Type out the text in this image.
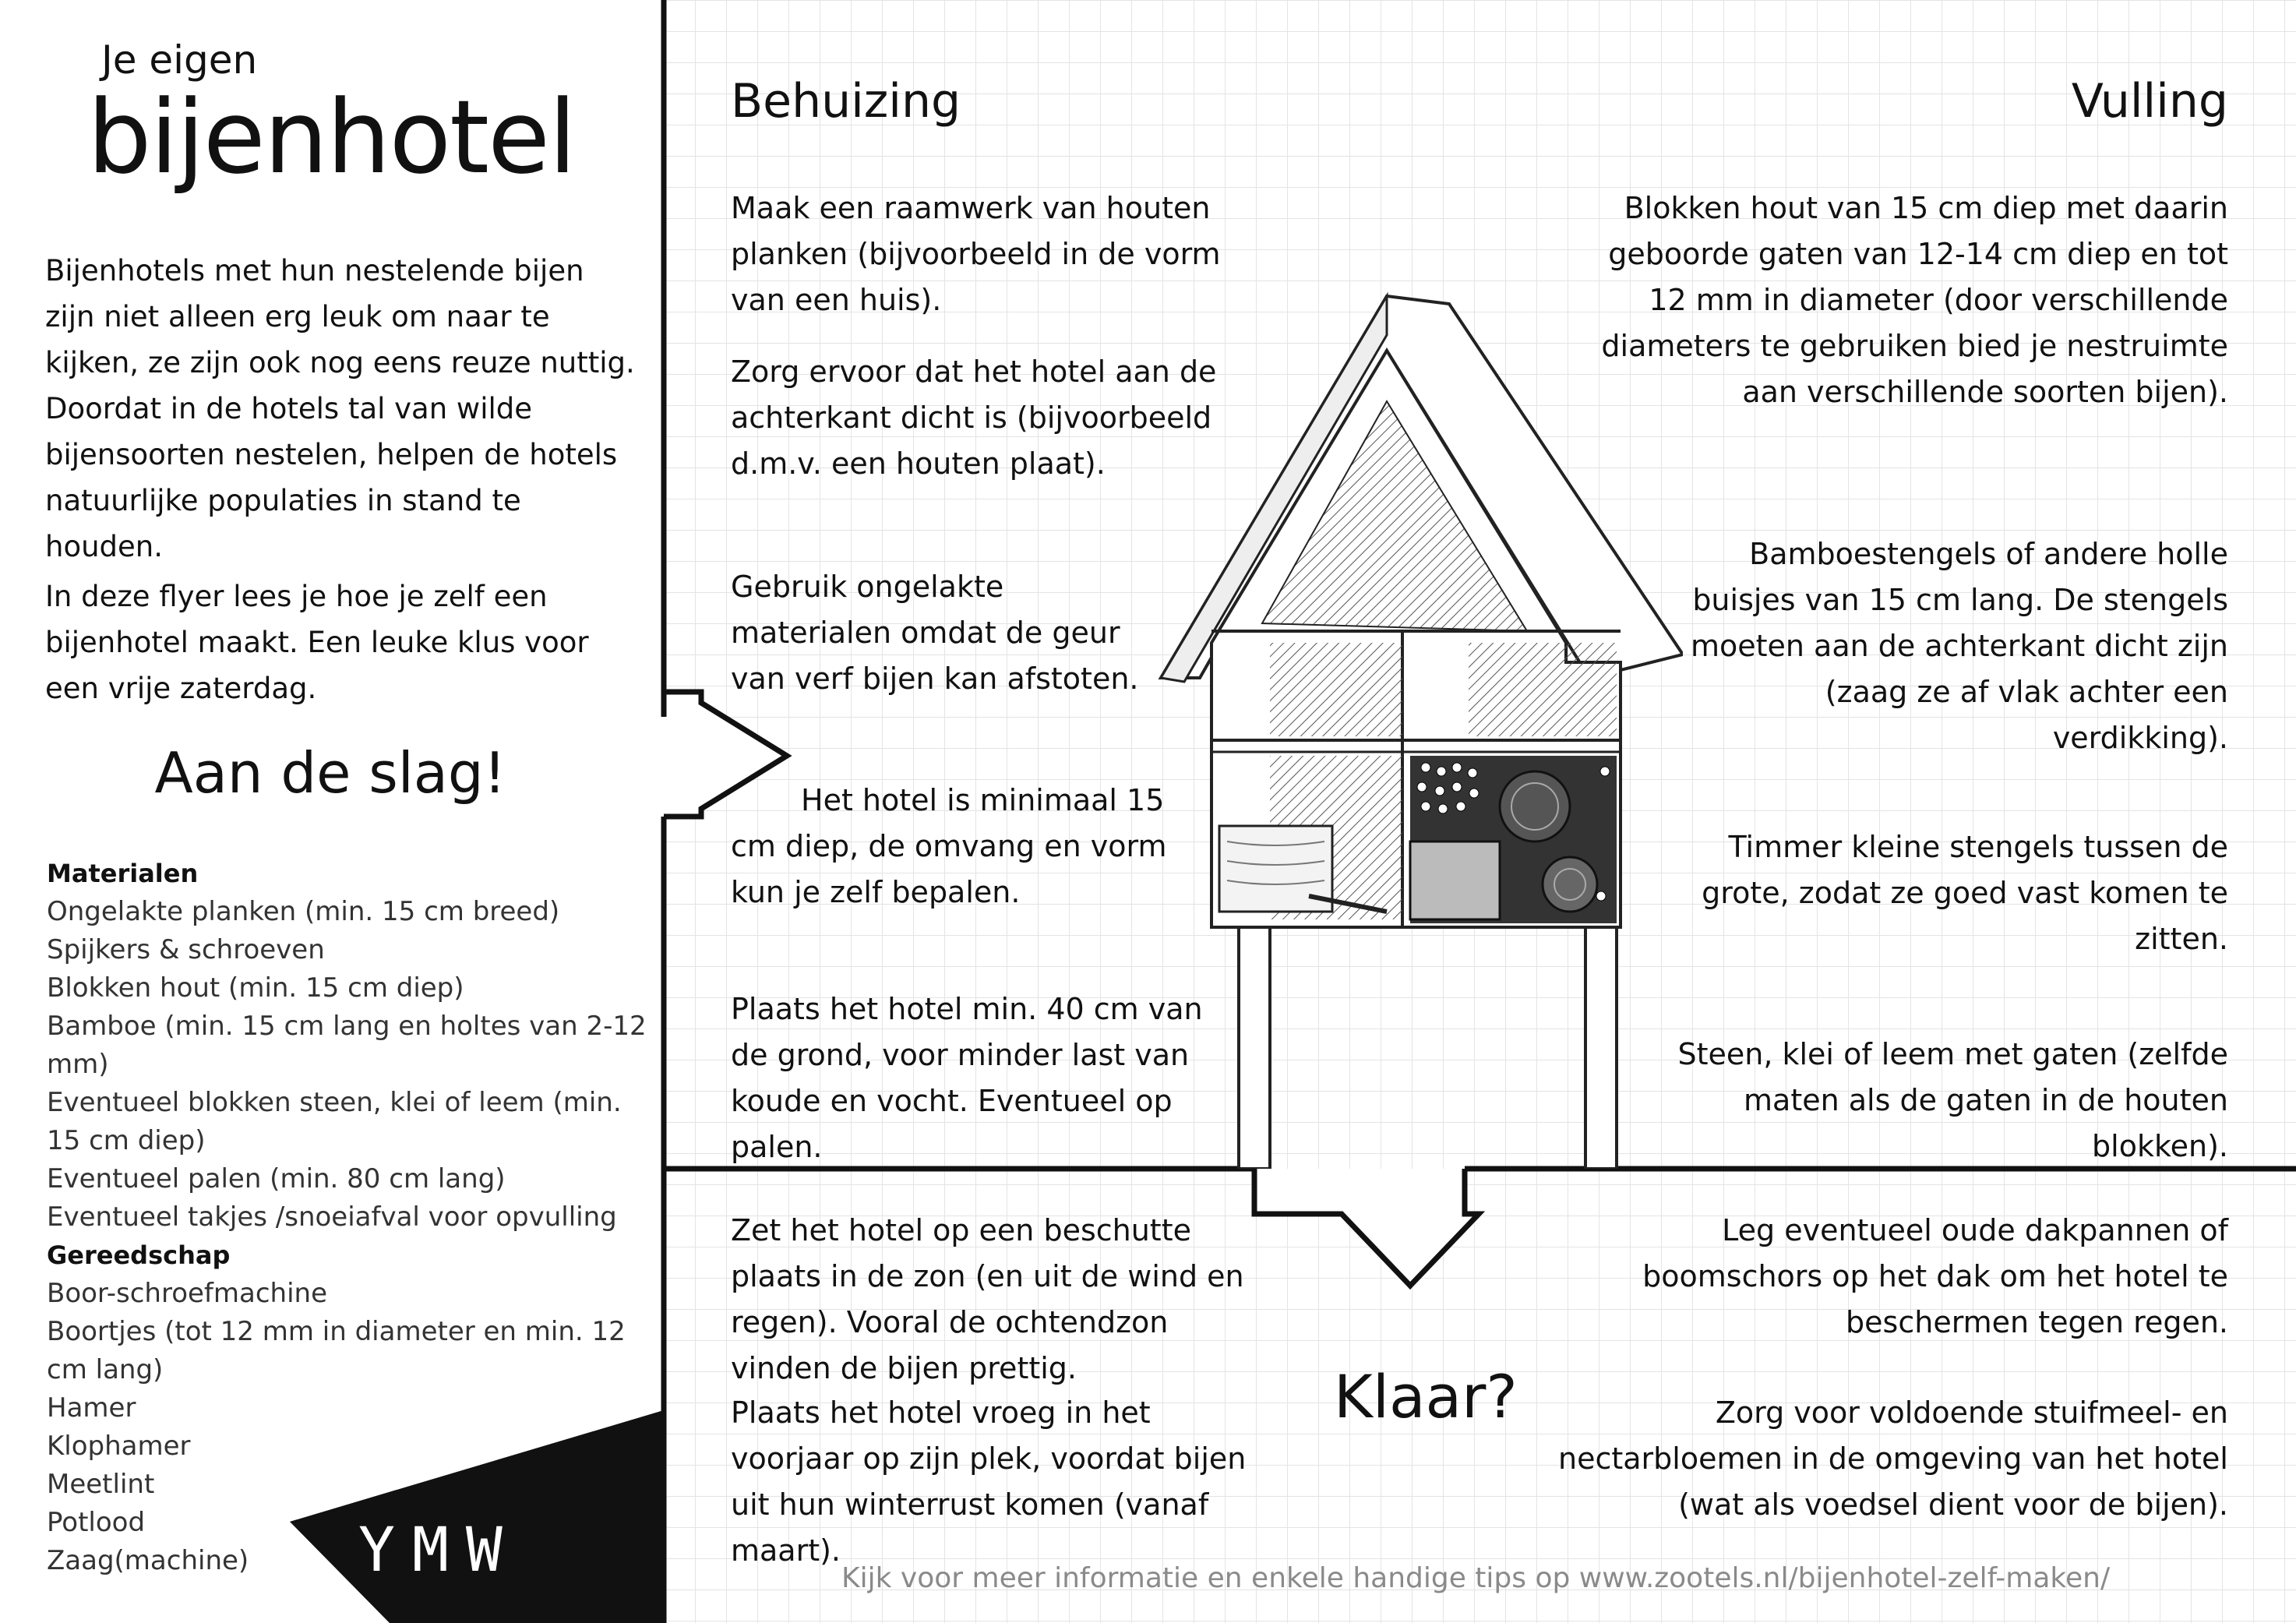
Je eigen
bijenhotel
Bijenhotels met hun nestelende bijen zijn niet alleen erg leuk om naar te kijken, ze zijn ook nog eens reuze nuttig. Doordat in de hotels tal van wilde bijensoorten nestelen, helpen de hotels natuurlijke populaties in stand te houden.
In deze flyer lees je hoe je zelf een bijenhotel maakt. Een leuke klus voor een vrije zaterdag.
Aan de slag!
Materialen
Ongelakte planken (min. 15 cm breed)
Spijkers & schroeven
Blokken hout (min. 15 cm diep)
Bamboe (min. 15 cm lang en holtes van 2-12 mm)
Eventueel blokken steen, klei of leem (min. 15 cm diep)
Eventueel palen (min. 80 cm lang)
Eventueel takjes /snoeiafval voor opvulling
Gereedschap
Boor-schroefmachine
Boortjes (tot 12 mm in diameter en min. 12 cm lang)
Hamer
Klophamer
Meetlint
Potlood
Zaag(machine)	YMW
Behuizing
Maak een raamwerk van houten planken (bijvoorbeeld in de vorm van een huis).
Zorg ervoor dat het hotel aan de achterkant dicht is (bijvoorbeeld d.m.v. een houten plaat).
Gebruik ongelakte materialen omdat de geur van verf bijen kan afstoten.
Het hotel is minimaal 15 cm diep, de omvang en vorm kun je zelf bepalen.
Plaats het hotel min. 40 cm van de grond, voor minder last van koude en vocht. Eventueel op palen.
Vulling
Blokken hout van 15 cm diep met daarin geboorde gaten van 12-14 cm diep en tot 12 mm in diameter (door verschillende diameters te gebruiken bied je nestruimte aan verschillende soorten bijen).
Bamboestengels of andere holle buisjes van 15 cm lang. De stengels moeten aan de achterkant dicht zijn (zaag ze af vlak achter een verdikking).
Timmer kleine stengels tussen de grote, zodat ze goed vast komen te zitten.
Steen, klei of leem met gaten (zelfde maten als de gaten in de houten blokken).
Klaar?
Zet het hotel op een beschutte plaats in de zon (en uit de wind en regen). Vooral de ochtendzon vinden de bijen prettig.
Plaats het hotel vroeg in het voorjaar op zijn plek, voordat bijen uit hun winterrust komen (vanaf maart).
Leg eventueel oude dakpannen of boomschors op het dak om het hotel te beschermen tegen regen.
Zorg voor voldoende stuifmeel- en nectarbloemen in de omgeving van het hotel (wat als voedsel dient voor de bijen).
Kijk voor meer informatie en enkele handige tips op www.zootels.nl/bijenhotel-zelf-maken/
